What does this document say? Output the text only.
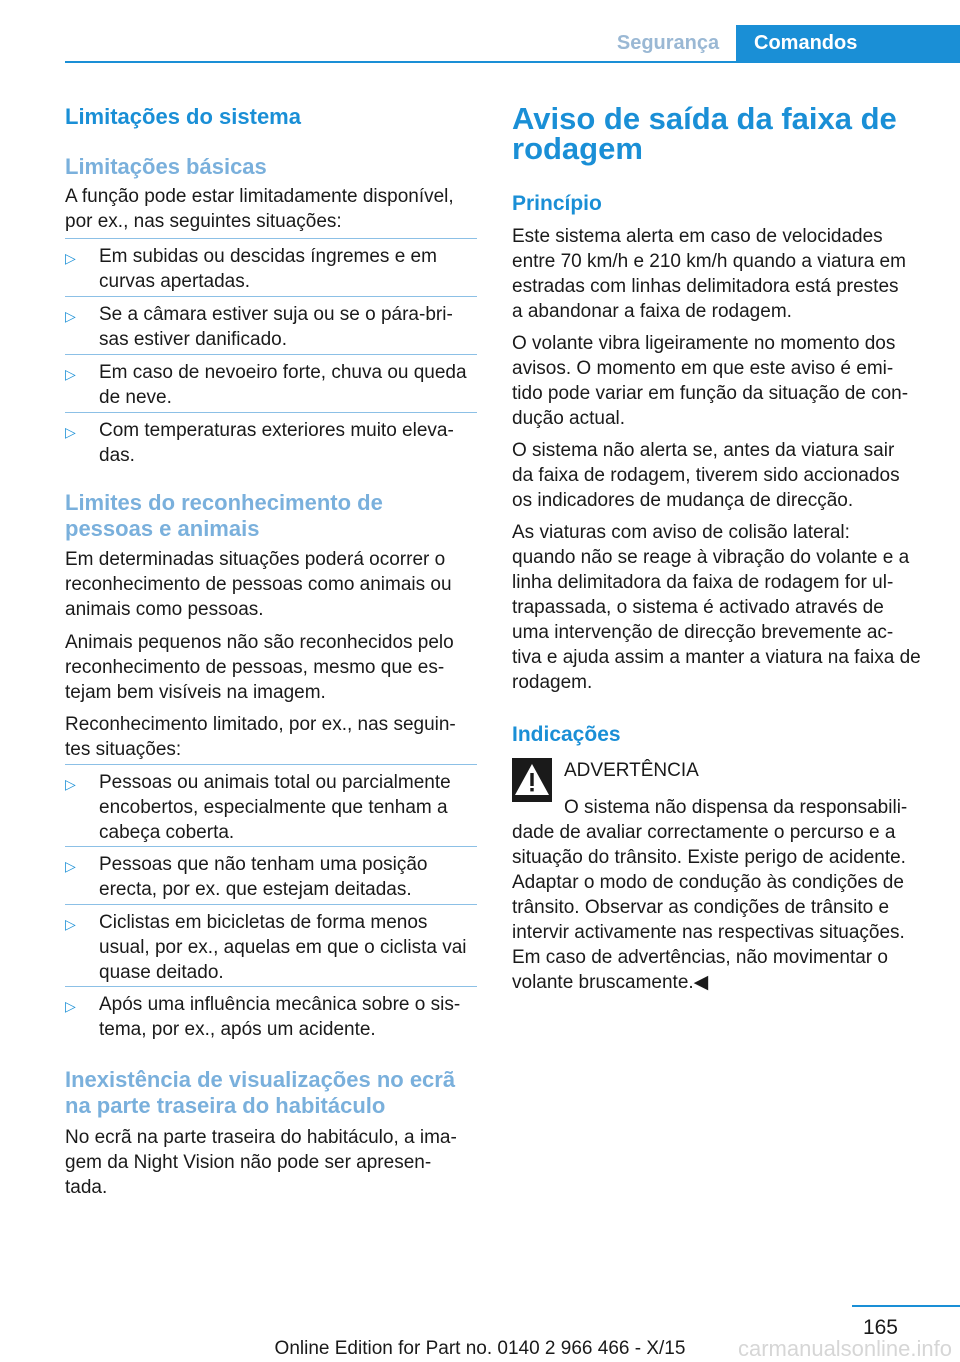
Segurança	Comandos
Limitações do sistema
Limitações básicas
A função pode estar limitadamente disponível,
por ex., nas seguintes situações:
▷ Em subidas ou descidas íngremes e em
curvas apertadas.
▷ Se a câmara estiver suja ou se o pára-bri‐
sas estiver danificado.
▷ Em caso de nevoeiro forte, chuva ou queda
de neve.
▷ Com temperaturas exteriores muito eleva‐
das.
Limites do reconhecimento de
pessoas e animais
Em determinadas situações poderá ocorrer o
reconhecimento de pessoas como animais ou
animais como pessoas.
Animais pequenos não são reconhecidos pelo
reconhecimento de pessoas, mesmo que es‐
tejam bem visíveis na imagem.
Reconhecimento limitado, por ex., nas seguin‐
tes situações:
▷ Pessoas ou animais total ou parcialmente
encobertos, especialmente que tenham a
cabeça coberta.
▷ Pessoas que não tenham uma posição
erecta, por ex. que estejam deitadas.
▷ Ciclistas em bicicletas de forma menos
usual, por ex., aquelas em que o ciclista vai
quase deitado.
▷ Após uma influência mecânica sobre o sis‐
tema, por ex., após um acidente.
Inexistência de visualizações no ecrã
na parte traseira do habitáculo
No ecrã na parte traseira do habitáculo, a ima‐
gem da Night Vision não pode ser apresen‐
tada.
Aviso de saída da faixa de
rodagem
Princípio
Este sistema alerta em caso de velocidades
entre 70 km/h e 210 km/h quando a viatura em
estradas com linhas delimitadora está prestes
a abandonar a faixa de rodagem.
O volante vibra ligeiramente no momento dos
avisos. O momento em que este aviso é emi‐
tido pode variar em função da situação de con‐
dução actual.
O sistema não alerta se, antes da viatura sair
da faixa de rodagem, tiverem sido accionados
os indicadores de mudança de direcção.
As viaturas com aviso de colisão lateral:
quando não se reage à vibração do volante e a
linha delimitadora da faixa de rodagem for ul‐
trapassada, o sistema é activado através de
uma intervenção de direcção brevemente ac‐
tiva e ajuda assim a manter a viatura na faixa de
rodagem.
Indicações
ADVERTÊNCIA
O sistema não dispensa da responsabili‐
dade de avaliar correctamente o percurso e a
situação do trânsito. Existe perigo de acidente.
Adaptar o modo de condução às condições de
trânsito. Observar as condições de trânsito e
intervir activamente nas respectivas situações.
Em caso de advertências, não movimentar o
volante bruscamente.◀
165
Online Edition for Part no. 0140 2 966 466 - X/15	carmanualsonline.info
